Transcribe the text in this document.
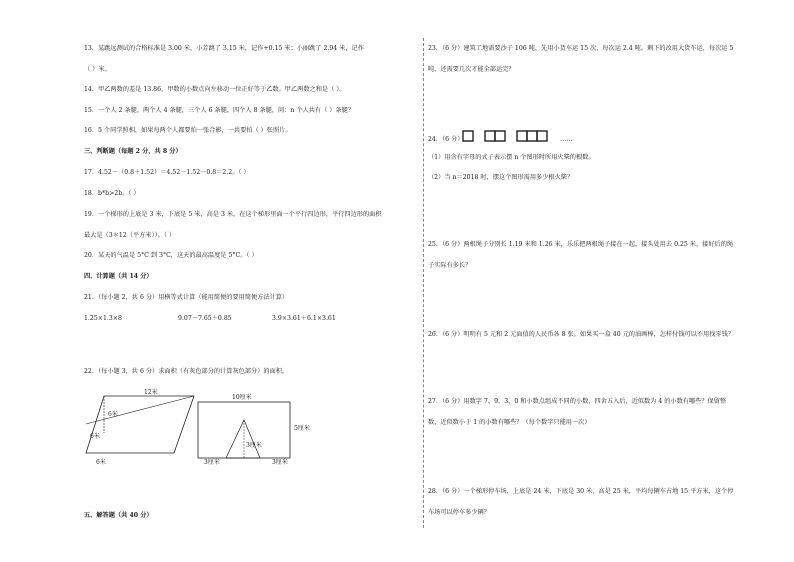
13．某跳远测试的合格标准是 3.00 米，小芳跳了 3.15 米，记作+0.15 米；小丽跳了 2.94 米，记作
（ ）米。
14．甲乙两数的差是 13.86，甲数的小数点向左移动一位正好等于乙数。甲乙两数之和是（ ）。
15．一个人 2 条腿，两个人 4 条腿，三个人 6 条腿，四个人 8 条腿，问：n 个人共有（ ）条腿？
16．5 个同学照相，如果每两个人都要拍一张合影，一共要拍（ ）张照片。
三、判断题（每题 2 分，共 8 分）
17．4.52－（0.8＋1.52）＝4.52－1.52－0.8＝2.2。（ ）
18．b*b>2b。（ ）
19．一个梯形的上底是 3 米，下底是 5 米，高是 3 米。在这个梯形里面一个平行四边形，平行四边形的面积
最大是（3＊12（平方米））。（ ）
20．某天的气温是 5°C 到 3°C，这天的最高温度是 5°C。（ ）
四、计算题（共 14 分）
21．（每小题 2，共 6 分）用横等式计算（能用简便的要用简便方法计算）
1.25×1.3×8	9.07－7.65＋0.85	3.9×3.61＋6.1×3.61
22．（每小题 3，共 6 分）求面积（有灰色部分的计算灰色部分）的面积。
12米
6米
6米
6米
10厘米
5厘米
3厘米
3厘米	3厘米
五、解答题（共 40 分）
23．（6 分）建筑工地需要沙子 106 吨，先用小货车运 15 次，每次运 2.4 吨。剩下的改用大货车运，每次运 5
吨，还需要几次才能全部运完？
24．（6 分）	……
（1）用含有字母的式子表示摆 n 个图形时所用火柴的根数。
（2）当 n＝2018 时，摆这个图形需用多少根火柴？
25．（6 分）两根绳子分别长 1.19 米和 1.26 米，乐乐把两根绳子接在一起，接头处用去 0.25 米，接好后的绳
子实际有多长？
26．（6 分）明明有 5 元和 2 元面值的人民币各 8 张。如果买一盒 40 元的油画棒，怎样付钱可以不用找零钱？
27．（6 分）用数字 7、9、3、0 和小数点组成不同的小数，四舍五入后，近似数为 4 的小数有哪些？保留整
数，近似数小于 1 的小数有哪些？（每个数字只能用一次）
28．（6 分）一个梯形停车场，上底是 24 米，下底是 30 米，高是 25 米，平均每辆车占地 15 平方米，这个停
车场可以停车多少辆？
